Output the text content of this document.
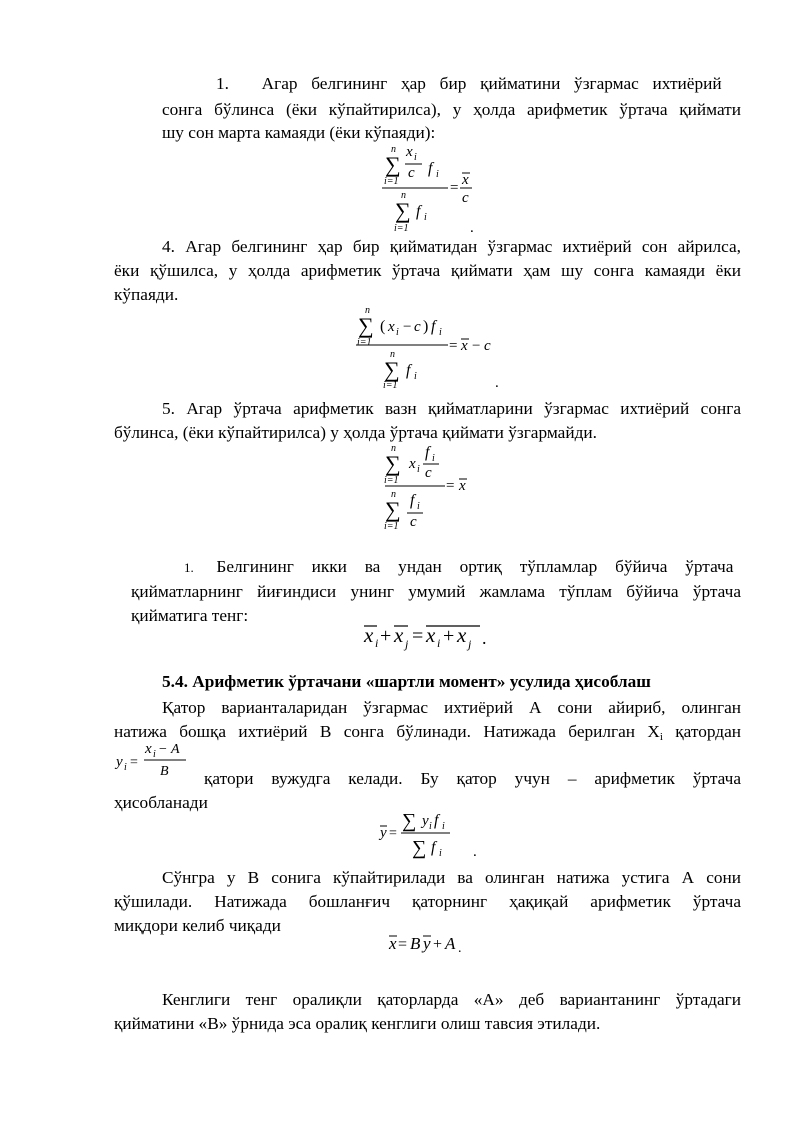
1. Агар белгининг ҳар бир қийматини ўзгармас ихтиёрий
сонга бўлинса (ёки кўпайтирилса), у ҳолда арифметик ўртача қиймати
шу сон марта камаяди (ёки кўпаяди):
n
∑
i=1
x i
c f i
= x
c
n
∑
i=1
f i
.
4. Агар белгининг ҳар бир қийматидан ўзгармас ихтиёрий сон айрилса,
ёки қўшилса, у ҳолда арифметик ўртача қиймати ҳам шу сонга камаяди ёки
кўпаяди.
n
∑
i=1
( x i − c ) f i
= x − c
n
∑
i=1
f i	.
5. Агар ўртача арифметик вазн қийматларини ўзгармас ихтиёрий сонга
бўлинса, (ёки кўпайтирилса) у ҳолда ўртача қиймати ўзгармайди.
n
∑
i=1
x i
f i
c
= x
n
∑
i=1
f i
c
1. Белгининг икки ва ундан ортиқ тўпламлар бўйича ўртача
қийматларнинг йиғиндиси унинг умумий жамлама тўплам бўйича ўртача
қийматига тенг:
x i + x j = x i + x j .
5.4. Арифметик ўртачани «шартли момент» усулида ҳисоблаш
Қатор варианталаридан ўзгармас ихтиёрий А сони айириб, олинган
натижа бошқа ихтиёрий В сонга бўлинади. Натижада берилган Xi қатордан
y i =
x i − A
B қатори вужудга келади. Бу қатор учун – арифметик ўртача
ҳисобланади
y =
∑ y i f i
∑ f i .
Сўнгра у В сонига кўпайтирилади ва олинган натижа устига А сони
қўшилади. Натижада бошланғич қаторнинг ҳақиқай арифметик ўртача
миқдори келиб чиқади
x = B y + A .
Кенглиги тенг оралиқли қаторларда «А» деб вариантанинг ўртадаги
қийматини «В» ўрнида эса оралиқ кенглиги олиш тавсия этилади.
